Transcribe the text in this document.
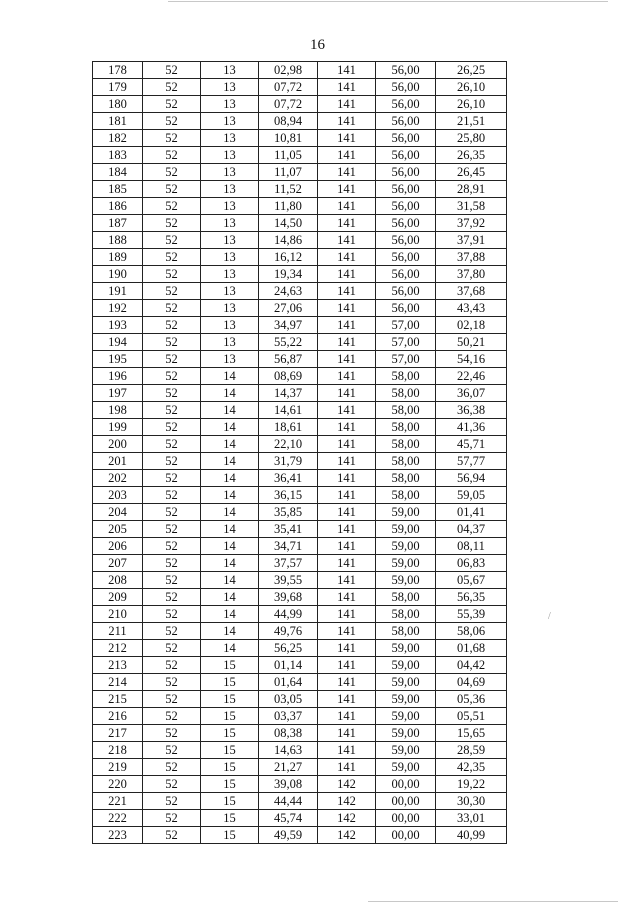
16
178	52	13	02,98	141	56,00	26,25
179	52	13	07,72	141	56,00	26,10
180	52	13	07,72	141	56,00	26,10
181	52	13	08,94	141	56,00	21,51
182	52	13	10,81	141	56,00	25,80
183	52	13	11,05	141	56,00	26,35
184	52	13	11,07	141	56,00	26,45
185	52	13	11,52	141	56,00	28,91
186	52	13	11,80	141	56,00	31,58
187	52	13	14,50	141	56,00	37,92
188	52	13	14,86	141	56,00	37,91
189	52	13	16,12	141	56,00	37,88
190	52	13	19,34	141	56,00	37,80
191	52	13	24,63	141	56,00	37,68
192	52	13	27,06	141	56,00	43,43
193	52	13	34,97	141	57,00	02,18
194	52	13	55,22	141	57,00	50,21
195	52	13	56,87	141	57,00	54,16
196	52	14	08,69	141	58,00	22,46
197	52	14	14,37	141	58,00	36,07
198	52	14	14,61	141	58,00	36,38
199	52	14	18,61	141	58,00	41,36
200	52	14	22,10	141	58,00	45,71
201	52	14	31,79	141	58,00	57,77
202	52	14	36,41	141	58,00	56,94
203	52	14	36,15	141	58,00	59,05
204	52	14	35,85	141	59,00	01,41
205	52	14	35,41	141	59,00	04,37
206	52	14	34,71	141	59,00	08,11
207	52	14	37,57	141	59,00	06,83
208	52	14	39,55	141	59,00	05,67
209	52	14	39,68	141	58,00	56,35
210	52	14	44,99	141	58,00	55,39
211	52	14	49,76	141	58,00	58,06
212	52	14	56,25	141	59,00	01,68
213	52	15	01,14	141	59,00	04,42
214	52	15	01,64	141	59,00	04,69
215	52	15	03,05	141	59,00	05,36
216	52	15	03,37	141	59,00	05,51
217	52	15	08,38	141	59,00	15,65
218	52	15	14,63	141	59,00	28,59
219	52	15	21,27	141	59,00	42,35
220	52	15	39,08	142	00,00	19,22
221	52	15	44,44	142	00,00	30,30
222	52	15	45,74	142	00,00	33,01
223	52	15	49,59	142	00,00	40,99
/
